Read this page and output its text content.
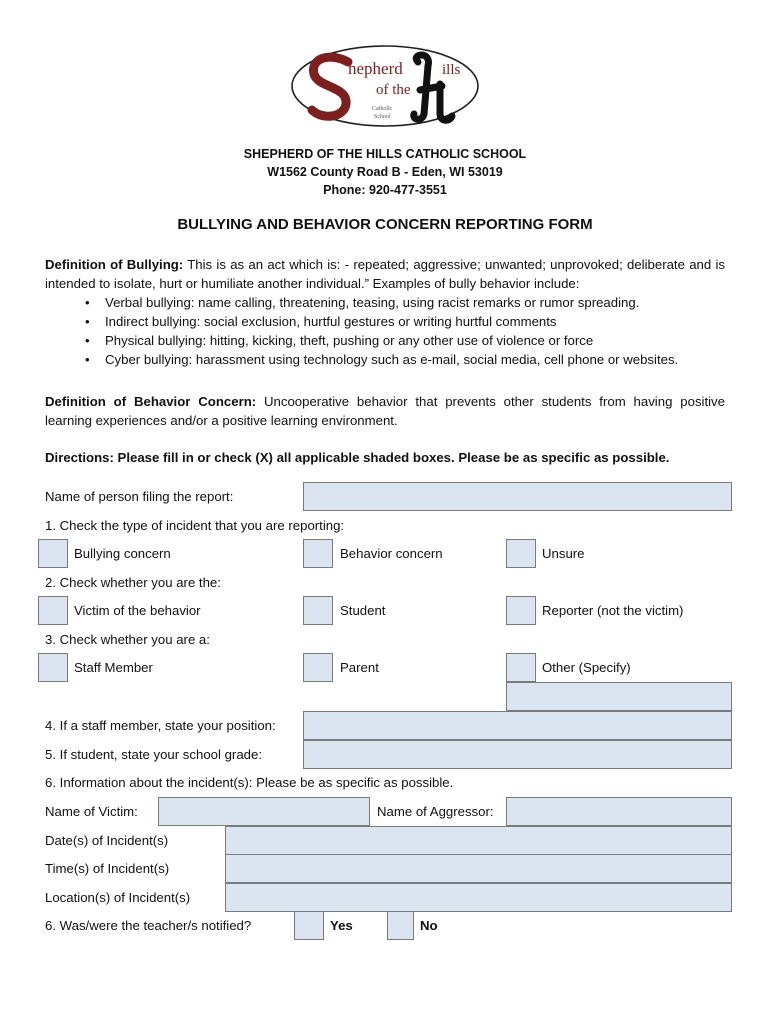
hepherd
of the
ills
Catholic
School
SHEPHERD OF THE HILLS CATHOLIC SCHOOL
W1562 County Road B - Eden, WI 53019
Phone: 920-477-3551
BULLYING AND BEHAVIOR CONCERN REPORTING FORM
Definition of Bullying: This is as an act which is: - repeated; aggressive; unwanted; unprovoked; deliberate and is intended to isolate, hurt or humiliate another individual.” Examples of bully behavior include:
• Verbal bullying: name calling, threatening, teasing, using racist remarks or rumor spreading.
• Indirect bullying: social exclusion, hurtful gestures or writing hurtful comments
• Physical bullying: hitting, kicking, theft, pushing or any other use of violence or force
• Cyber bullying: harassment using technology such as e-mail, social media, cell phone or websites.
Definition of Behavior Concern: Uncooperative behavior that prevents other students from having positive learning experiences and/or a positive learning environment.
Directions: Please fill in or check (X) all applicable shaded boxes. Please be as specific as possible.
Name of person filing the report:
1. Check the type of incident that you are reporting:
Bullying concern	Behavior concern	Unsure
2. Check whether you are the:
Victim of the behavior	Student	Reporter (not the victim)
3. Check whether you are a:
Staff Member	Parent	Other (Specify)
4. If a staff member, state your position:
5. If student, state your school grade:
6. Information about the incident(s): Please be as specific as possible.
Name of Victim:	Name of Aggressor:
Date(s) of Incident(s)
Time(s) of Incident(s)
Location(s) of Incident(s)
6. Was/were the teacher/s notified?	Yes	No
